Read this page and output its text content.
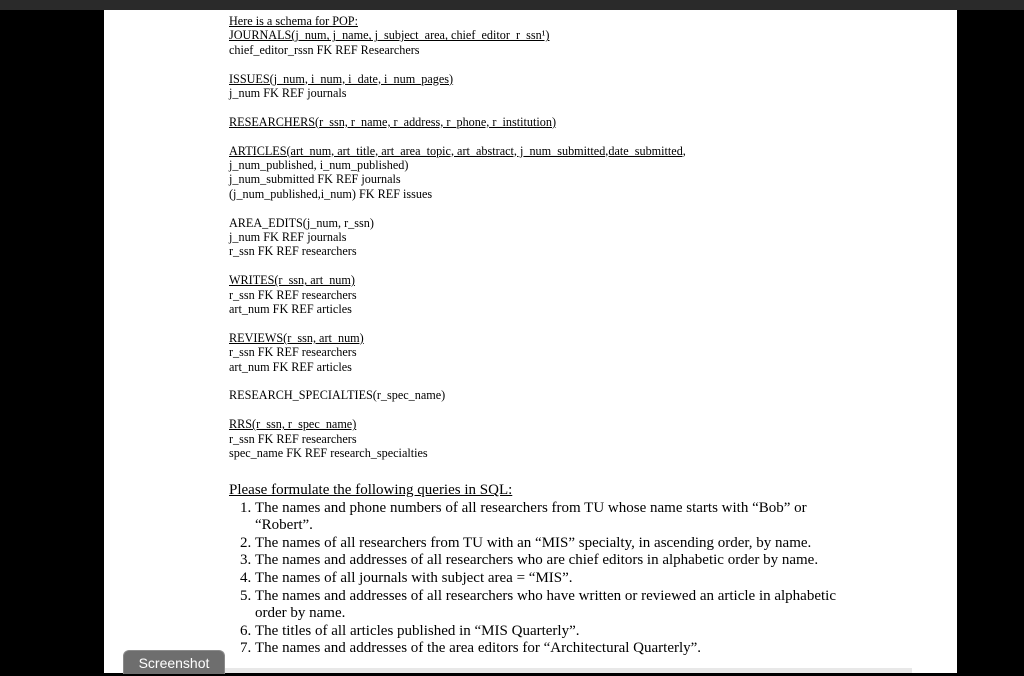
Here is a schema for POP:
JOURNALS(j_num, j_name, j_subject_area, chief_editor_r_ssn¹)
chief_editor_rssn FK REF Researchers
ISSUES(j_num, i_num, i_date, i_num_pages)
j_num FK REF journals
RESEARCHERS(r_ssn, r_name, r_address, r_phone, r_institution)
ARTICLES(art_num, art_title, art_area_topic, art_abstract, j_num_submitted,date_submitted,
j_num_published, i_num_published)
j_num_submitted FK REF journals
(j_num_published,i_num) FK REF issues
AREA_EDITS(j_num, r_ssn)
j_num FK REF journals
r_ssn FK REF researchers
WRITES(r_ssn, art_num)
r_ssn FK REF researchers
art_num FK REF articles
REVIEWS(r_ssn, art_num)
r_ssn FK REF researchers
art_num FK REF articles
RESEARCH_SPECIALTIES(r_spec_name)
RRS(r_ssn, r_spec_name)
r_ssn FK REF researchers
spec_name FK REF research_specialties
Please formulate the following queries in SQL:
1. The names and phone numbers of all researchers from TU whose name starts with “Bob” or “Robert”.
2. The names of all researchers from TU with an “MIS” specialty, in ascending order, by name.
3. The names and addresses of all researchers who are chief editors in alphabetic order by name.
4. The names of all journals with subject area = “MIS”.
5. The names and addresses of all researchers who have written or reviewed an article in alphabetic order by name.
6. The titles of all articles published in “MIS Quarterly”.
7. The names and addresses of the area editors for “Architectural Quarterly”.
Screenshot
